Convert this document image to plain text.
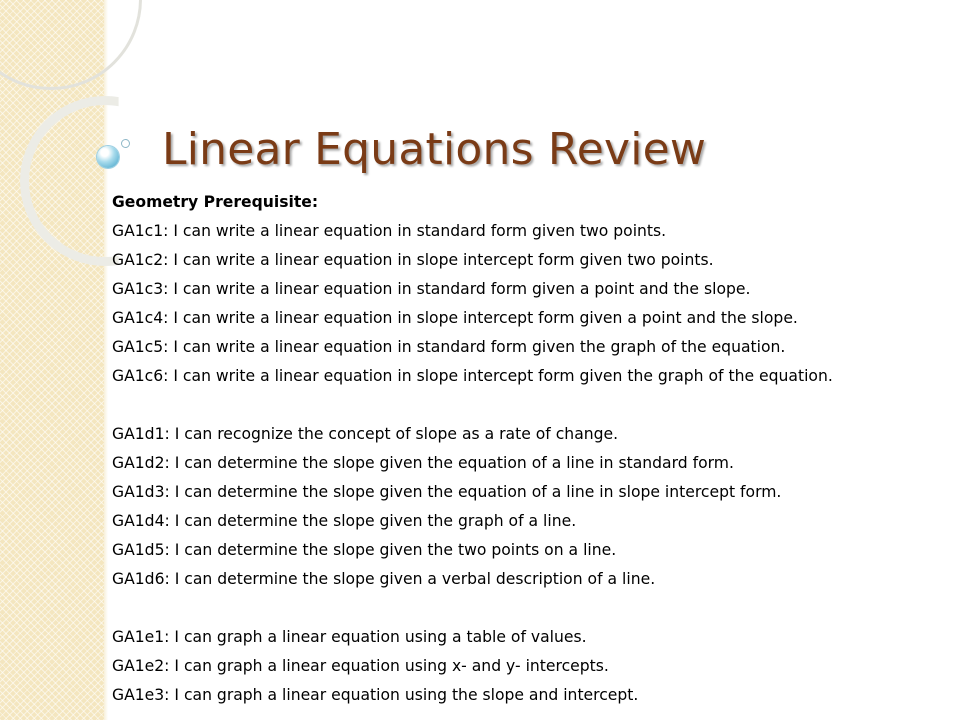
Linear Equations Review
Geometry Prerequisite:
GA1c1: I can write a linear equation in standard form given two points.
GA1c2: I can write a linear equation in slope intercept form given two points.
GA1c3: I can write a linear equation in standard form given a point and the slope.
GA1c4: I can write a linear equation in slope intercept form given a point and the slope.
GA1c5: I can write a linear equation in standard form given the graph of the equation.
GA1c6: I can write a linear equation in slope intercept form given the graph of the equation.
GA1d1: I can recognize the concept of slope as a rate of change.
GA1d2: I can determine the slope given the equation of a line in standard form.
GA1d3: I can determine the slope given the equation of a line in slope intercept form.
GA1d4: I can determine the slope given the graph of a line.
GA1d5: I can determine the slope given the two points on a line.
GA1d6: I can determine the slope given a verbal description of a line.
GA1e1: I can graph a linear equation using a table of values.
GA1e2: I can graph a linear equation using x- and y- intercepts.
GA1e3: I can graph a linear equation using the slope and intercept.
